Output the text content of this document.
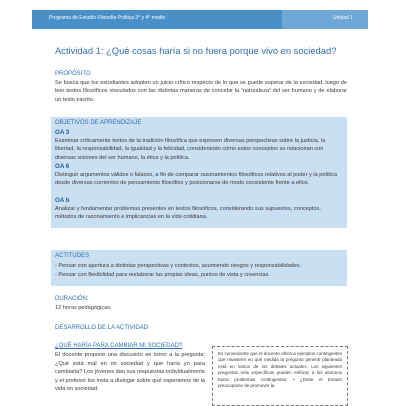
Programa de Estudio Filosofía Política 3° y 4° medio	Unidad 1
Actividad 1: ¿Qué cosas haría si no fuera porque vivo en sociedad?
PROPÓSITO

Se busca que los estudiantes adopten un juicio crítico respecto de lo que se puede esperar de la sociedad, luego de leer textos filosóficos vinculados con las distintas maneras de concebir la “naturaleza” del ser humano y de elaborar un texto escrito.

OBJETIVOS DE APRENDIZAJE
OA 3

Examinar críticamente textos de la tradición filosófica que expresen diversas perspectivas sobre la justicia, la libertad, la responsabilidad, la igualdad y la felicidad, considerando cómo estos conceptos se relacionan con diversas visiones del ser humano, la ética y la política.

OA 6

Distinguir argumentos válidos o falaces, a fin de comparar razonamientos filosóficos relativos al poder y la política desde diversas corrientes de pensamiento filosófico y posicionarse de modo consistente frente a ellos.

OA b

Analizar y fundamentar problemas presentes en textos filosóficos, considerando sus supuestos, conceptos, métodos de razonamiento e implicancias en la vida cotidiana.

ACTITUDES
- Pensar con apertura a distintas perspectivas y contextos, asumiendo riesgos y responsabilidades.
- Pensar con flexibilidad para reelaborar las propias ideas, puntos de vista y creencias.
DURACIÓN:
12 horas pedagógicas.
DESARROLLO DE LA ACTIVIDAD
¿QUÉ HARÍA PARA CAMBIAR MI SOCIEDAD?

El docente propone una discusión en torno a la pregunta: ¿Qué está mal en mi sociedad y qué haría yo para cambiarla? Los jóvenes dan sus respuestas individualmente y el profesor los insta a dialogar sobre qué esperamos de la vida en sociedad.

Es conveniente que el docente ofrezca ejemplos contingentes que muestren en qué medida la pregunta general planteada está en varios de los debates actuales. Los siguientes preguntas más específicas pueden enfocar a los alumnos hacia problemas contingentes: • ¿Debe el Estado preocuparse de promover la
